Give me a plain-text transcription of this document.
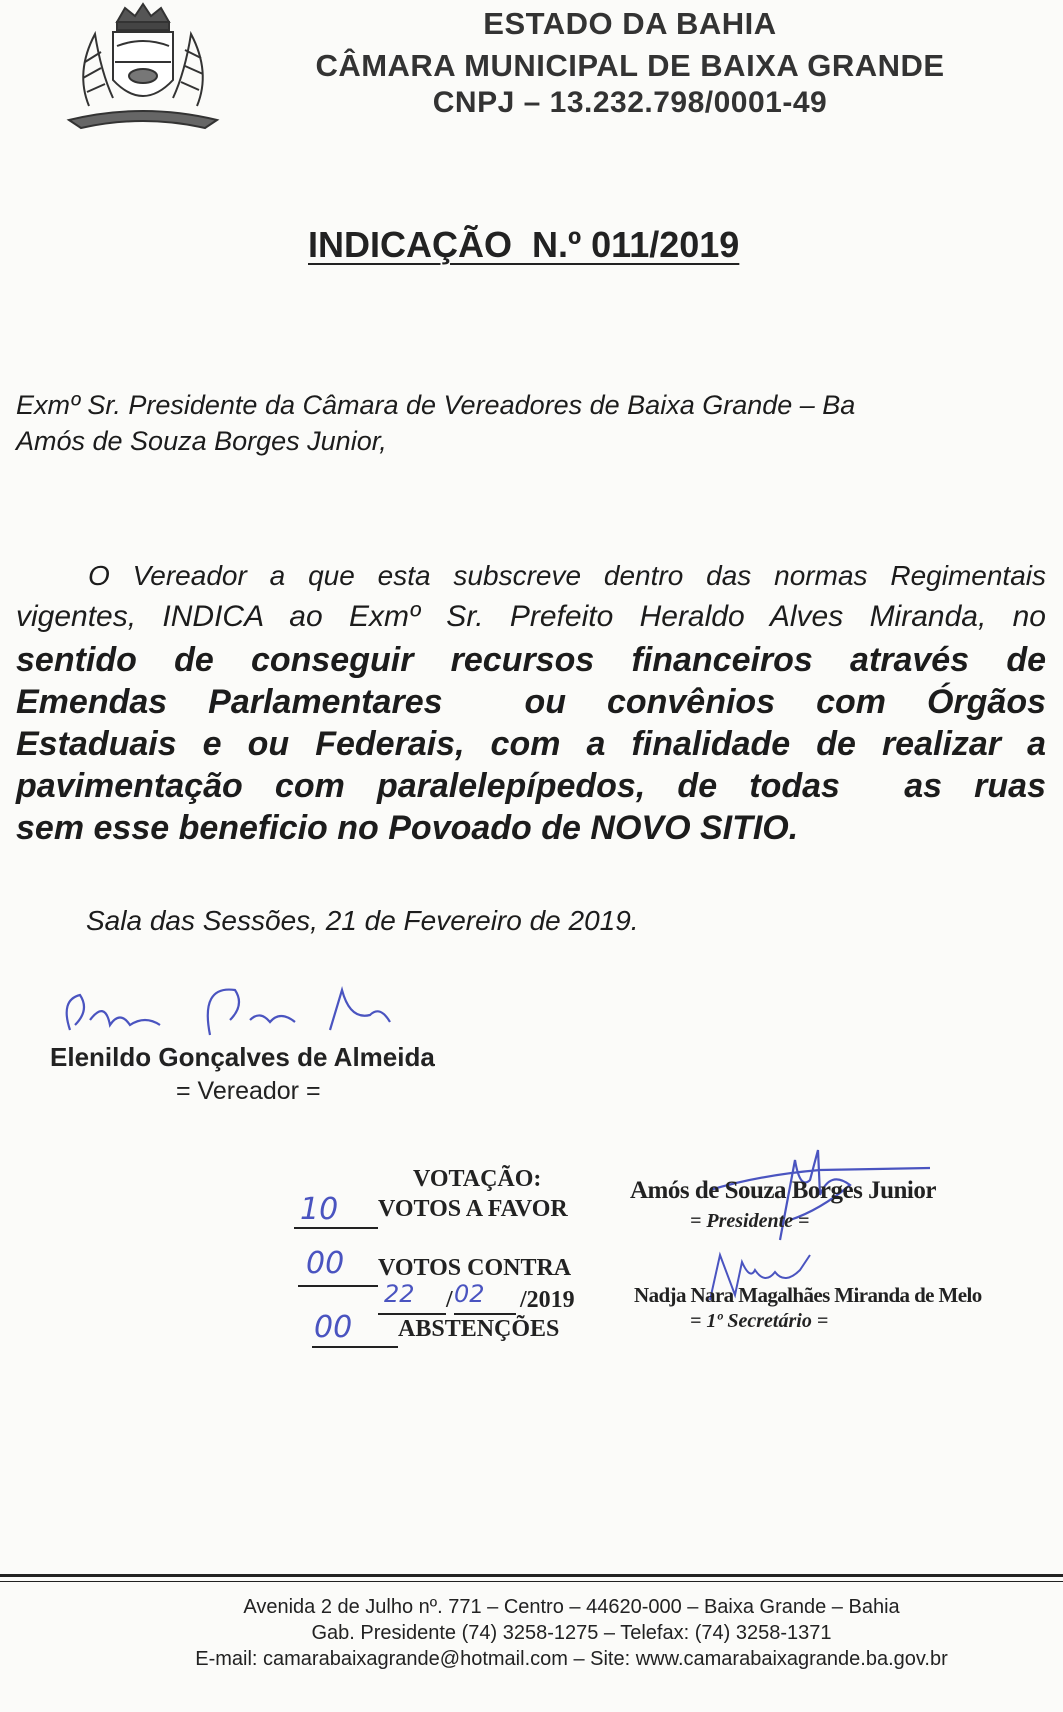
ESTADO DA BAHIA
CÂMARA MUNICIPAL DE BAIXA GRANDE
CNPJ – 13.232.798/0001-49
INDICAÇÃO  N.º 011/2019
Exmº Sr. Presidente da Câmara de Vereadores de Baixa Grande – Ba
Amós de Souza Borges Junior,
O Vereador a que esta subscreve dentro das normas Regimentais
vigentes, INDICA ao Exmº Sr. Prefeito Heraldo Alves Miranda, no
sentido de conseguir recursos financeiros através de
Emendas Parlamentares  ou convênios com Órgãos
Estaduais e ou Federais, com a finalidade de realizar a
pavimentação com paralelepípedos, de todas  as ruas
sem esse beneficio no Povoado de NOVO SITIO.
Sala das Sessões, 21 de Fevereiro de 2019.
Elenildo Gonçalves de Almeida
= Vereador =
VOTAÇÃO:
10 VOTOS A FAVOR
00 VOTOS CONTRA
22 / 02 /2019
00 ABSTENÇÕES
Amós de Souza Borges Junior
= Presidente =
Nadja Nara Magalhães Miranda de Melo
= 1º Secretário =
Avenida 2 de Julho nº. 771 – Centro – 44620-000 – Baixa Grande – Bahia
Gab. Presidente (74) 3258-1275 – Telefax: (74) 3258-1371
E-mail: camarabaixagrande@hotmail.com – Site: www.camarabaixagrande.ba.gov.br
